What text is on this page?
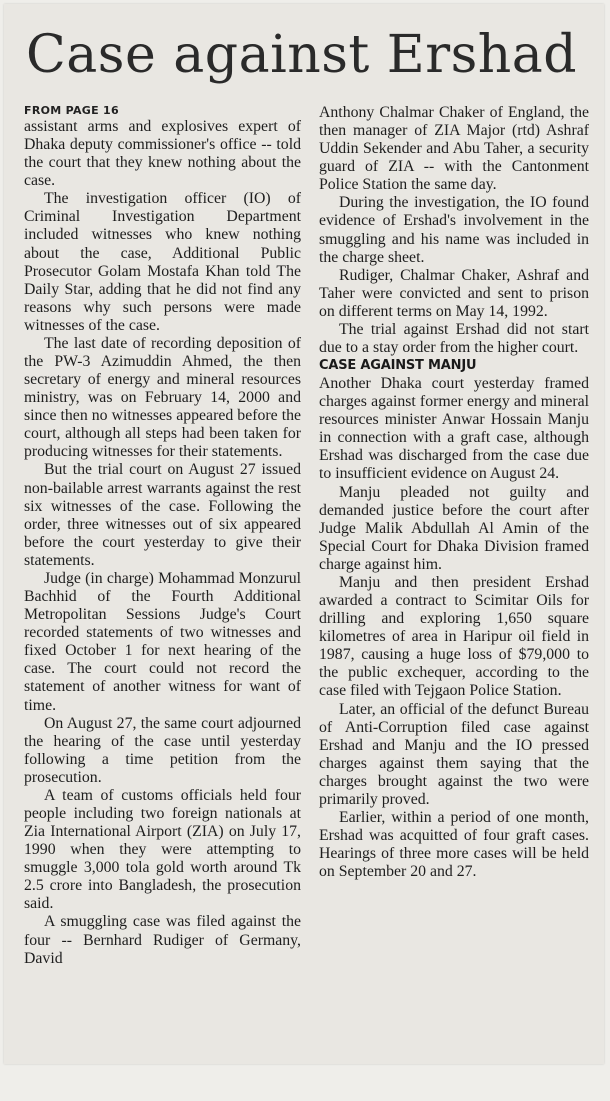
Case against Ershad
FROM PAGE 16

assistant arms and explosives expert of Dhaka deputy commissioner's office -- told the court that they knew nothing about the case.

The investigation officer (IO) of Criminal Investigation Department included witnesses who knew nothing about the case, Additional Public Prosecutor Golam Mostafa Khan told The Daily Star, adding that he did not find any reasons why such persons were made witnesses of the case.

The last date of recording deposition of the PW-3 Azimuddin Ahmed, the then secretary of energy and mineral resources ministry, was on February 14, 2000 and since then no witnesses appeared before the court, although all steps had been taken for producing witnesses for their statements.

But the trial court on August 27 issued non-bailable arrest warrants against the rest six witnesses of the case. Following the order, three witnesses out of six appeared before the court yesterday to give their statements.

Judge (in charge) Mohammad Monzurul Bachhid of the Fourth Additional Metropolitan Sessions Judge's Court recorded statements of two witnesses and fixed October 1 for next hearing of the case. The court could not record the statement of another witness for want of time.

On August 27, the same court adjourned the hearing of the case until yesterday following a time petition from the prosecution.

A team of customs officials held four people including two foreign nationals at Zia International Airport (ZIA) on July 17, 1990 when they were attempting to smuggle 3,000 tola gold worth around Tk 2.5 crore into Bangladesh, the prosecution said.

A smuggling case was filed against the four -- Bernhard Rudiger of Germany, David

Anthony Chalmar Chaker of England, the then manager of ZIA Major (rtd) Ashraf Uddin Sekender and Abu Taher, a security guard of ZIA -- with the Cantonment Police Station the same day.

During the investigation, the IO found evidence of Ershad's involvement in the smuggling and his name was included in the charge sheet.

Rudiger, Chalmar Chaker, Ashraf and Taher were convicted and sent to prison on different terms on May 14, 1992.

The trial against Ershad did not start due to a stay order from the higher court.

CASE AGAINST MANJU

Another Dhaka court yesterday framed charges against former energy and mineral resources minister Anwar Hossain Manju in connection with a graft case, although Ershad was discharged from the case due to insufficient evidence on August 24.

Manju pleaded not guilty and demanded justice before the court after Judge Malik Abdullah Al Amin of the Special Court for Dhaka Division framed charge against him.

Manju and then president Ershad awarded a contract to Scimitar Oils for drilling and exploring 1,650 square kilometres of area in Haripur oil field in 1987, causing a huge loss of $79,000 to the public exchequer, according to the case filed with Tejgaon Police Station.

Later, an official of the defunct Bureau of Anti-Corruption filed case against Ershad and Manju and the IO pressed charges against them saying that the charges brought against the two were primarily proved.

Earlier, within a period of one month, Ershad was acquitted of four graft cases. Hearings of three more cases will be held on September 20 and 27.
